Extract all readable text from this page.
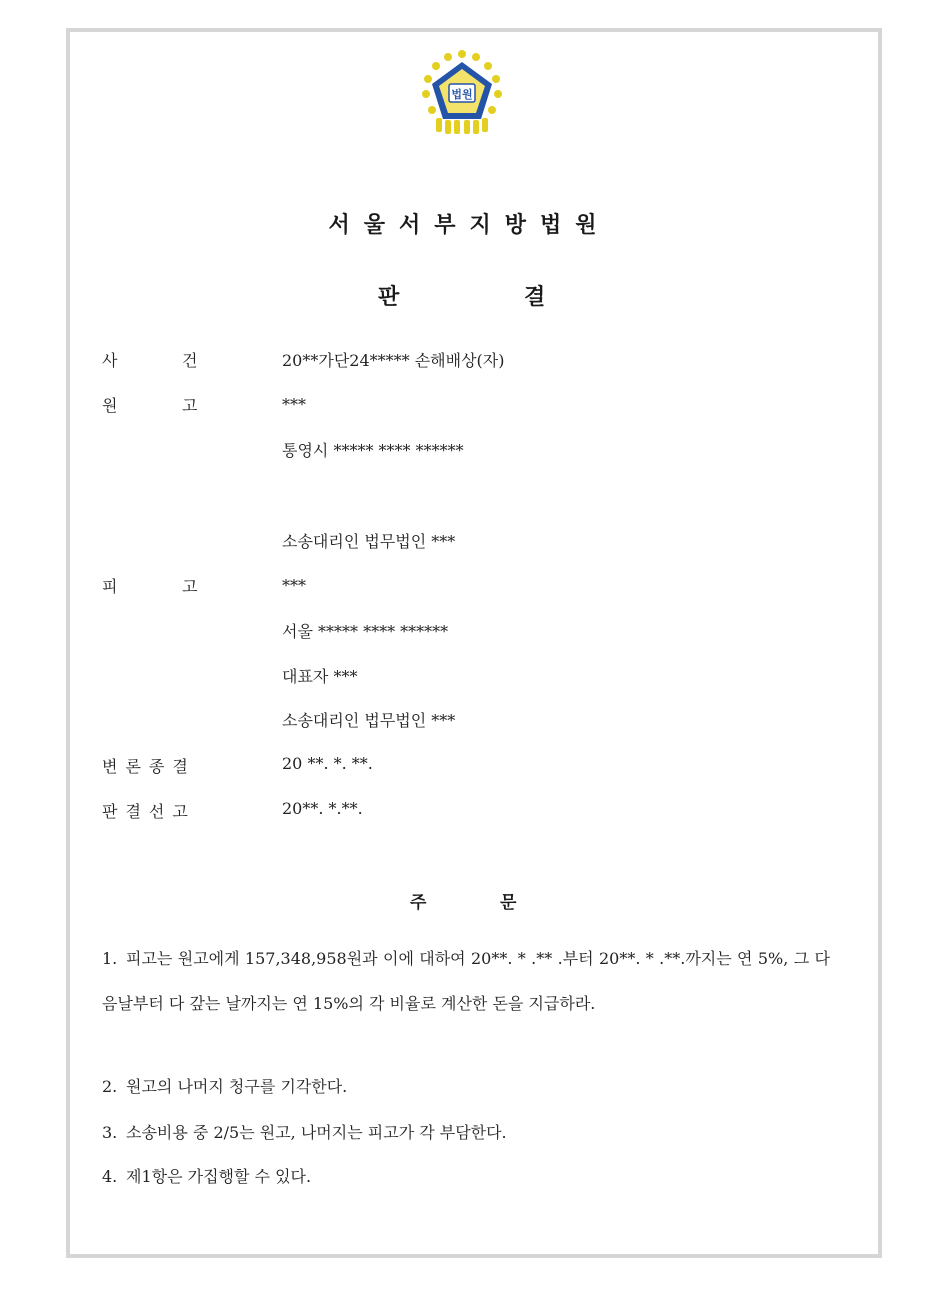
법원
서울서부지방법원
판	결
사	건	20**가단24***** 손해배상(자)
원	고	***
통영시 ***** **** ******
소송대리인 법무법인 ***
피	고	***
서울 ***** **** ******
대표자 ***
소송대리인 법무법인 ***
변론종결	20 **. *. **.
판결선고	20**. *.**.
주	문
1. 피고는 원고에게 157,348,958원과 이에 대하여 20**. * .** .부터 20**. * .**.까지는 연 5%, 그 다음날부터 다 갚는 날까지는 연 15%의 각 비율로 계산한 돈을 지급하라.
2. 원고의 나머지 청구를 기각한다.
3. 소송비용 중 2/5는 원고, 나머지는 피고가 각 부담한다.
4. 제1항은 가집행할 수 있다.
